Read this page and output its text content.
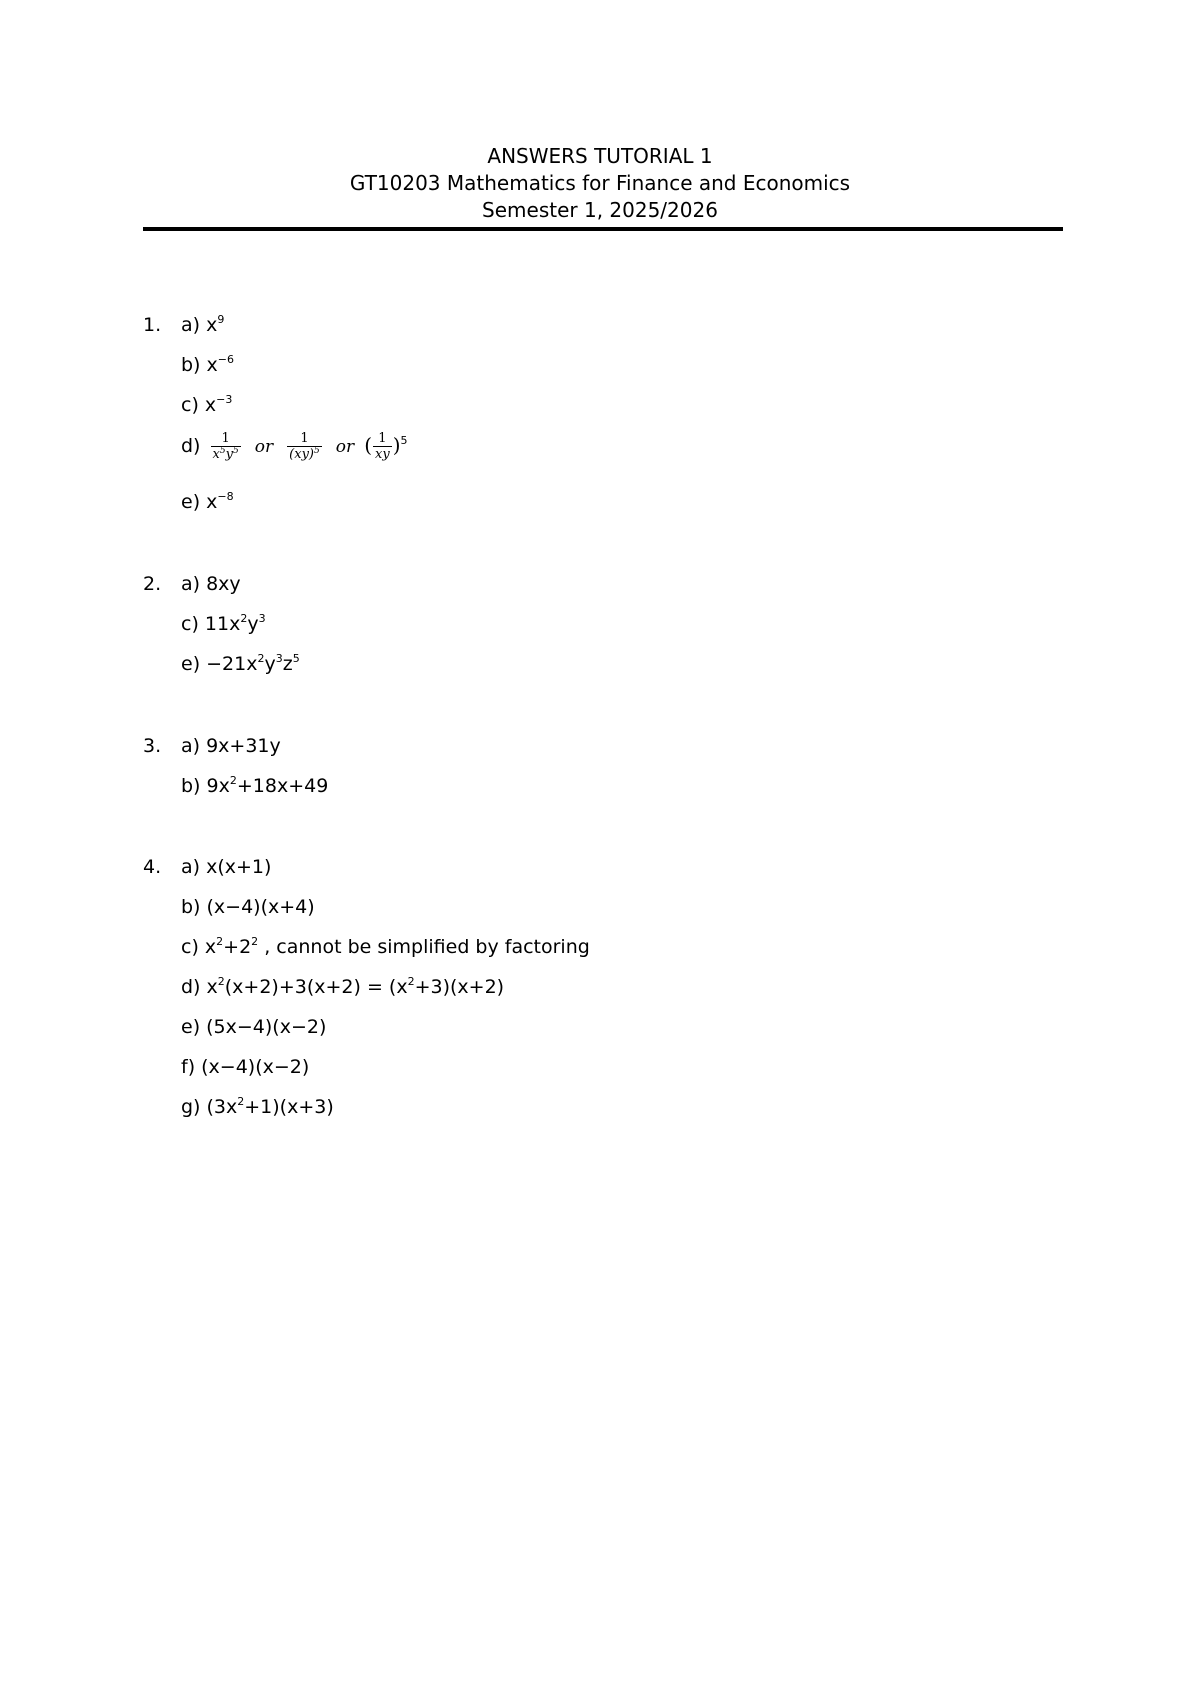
ANSWERS TUTORIAL 1
GT10203 Mathematics for Finance and Economics
Semester 1, 2025/2026
1. a) $x^9$
b) $x^{-6}$
c) $x^{-3}$
$d) \frac{1}{x^5y^5}$ or $\frac{1}{(xy)^5}$ or ( $\frac{1}{xy} )^5$
e) $x^{-8}$
2. a) 8xy
c) $11x^2y^3$
$e) -21x^2y^3z^5$
3. a) 9x+31y
b) $9x^2+18x+49$
4. a) x(x+1)
b) (x−4)(x+4)
c) $x^2+2^2$ , cannot be simplified by factoring
d) $x^2(x+2)+3(x+2) = (x^2+3)(x+2)$
e) (5x−4)(x−2)
f) (x−4)(x−2)
g) $(3x^2+1)(x+3)$
